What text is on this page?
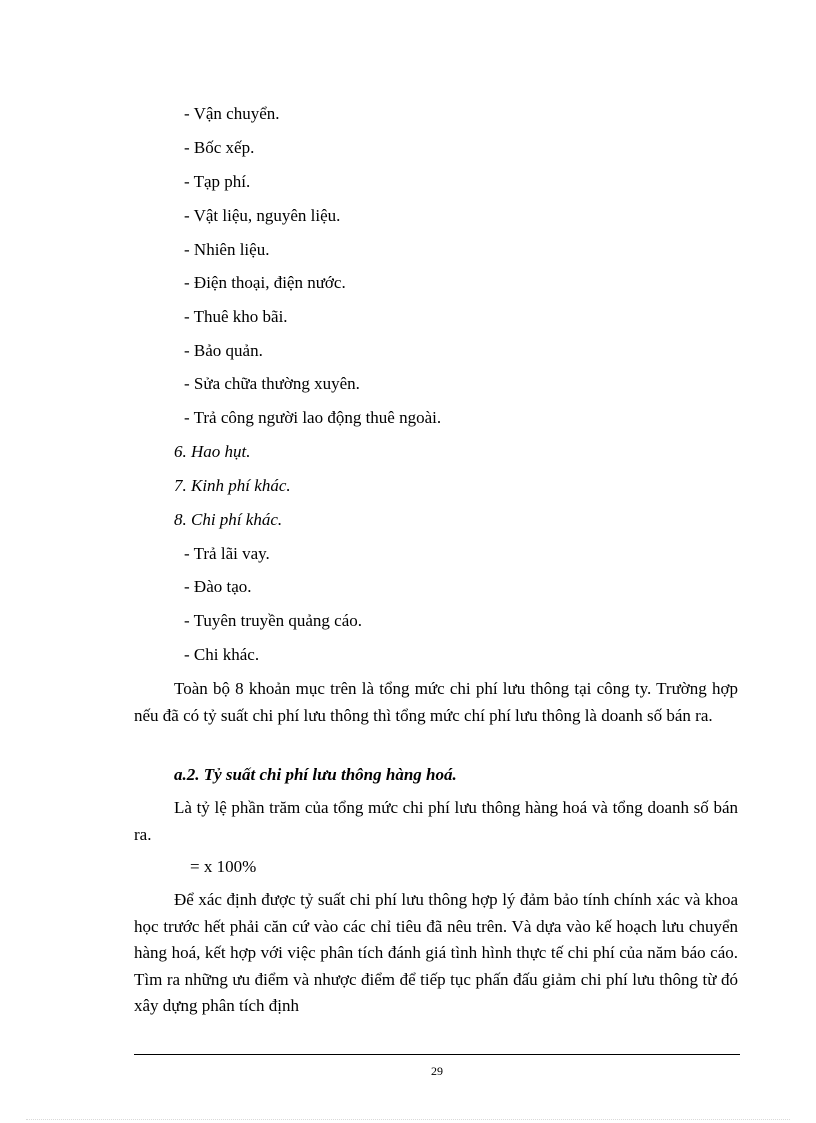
- Vận chuyển.
- Bốc xếp.
- Tạp phí.
- Vật liệu, nguyên liệu.
- Nhiên liệu.
- Điện thoại, điện nước.
- Thuê kho bãi.
- Bảo quản.
- Sửa chữa thường xuyên.
- Trả công người lao động thuê ngoài.
6. Hao hụt.
7. Kinh phí khác.
8. Chi phí khác.
- Trả lãi vay.
- Đào tạo.
- Tuyên truyền quảng cáo.
- Chi khác.
Toàn bộ 8 khoản mục trên là tổng mức chi phí lưu thông tại công ty. Trường hợp nếu đã có tỷ suất chi phí lưu thông thì tổng mức chí phí lưu thông là doanh số bán ra.
a.2. Tỷ suất chi phí lưu thông hàng hoá.
Là tỷ lệ phần trăm của tổng mức chi phí lưu thông hàng hoá và tổng doanh số bán ra.
= x 100%
Để xác định được tỷ suất chi phí lưu thông hợp lý đảm bảo tính chính xác và khoa học trước hết phải căn cứ vào các chỉ tiêu đã nêu trên. Và dựa vào kế hoạch lưu chuyển hàng hoá, kết hợp với việc phân tích đánh giá tình hình thực tế chi phí của năm báo cáo. Tìm ra những ưu điểm và nhược điểm để tiếp tục phấn đấu giảm chi phí lưu thông từ đó xây dựng phân tích định
29
